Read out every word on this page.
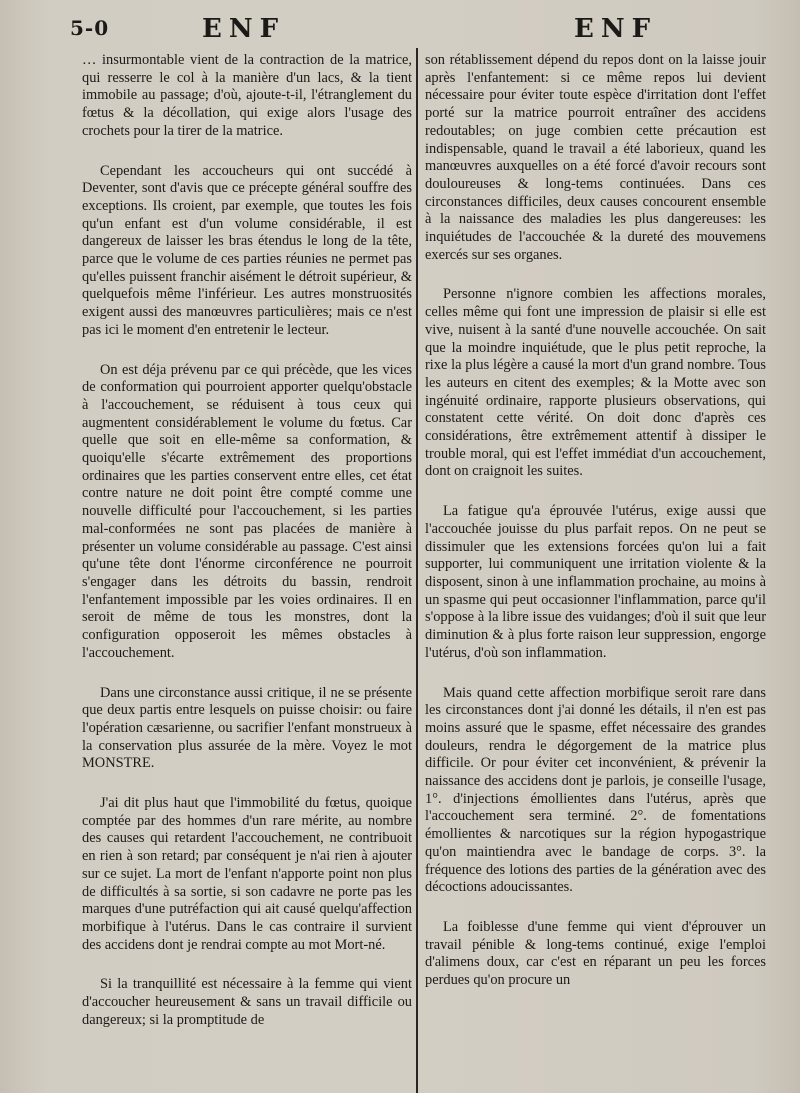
5-0	ENF	ENF

… insurmontable vient de la contraction de la matrice, qui resserre le col à la manière d'un lacs, & la tient immobile au passage; d'où, ajoute-t-il, l'étranglement du fœtus & la décollation, qui exige alors l'usage des crochets pour la tirer de la matrice.

Cependant les accoucheurs qui ont succédé à Deventer, sont d'avis que ce précepte général souffre des exceptions. Ils croient, par exemple, que toutes les fois qu'un enfant est d'un volume considérable, il est dangereux de laisser les bras étendus le long de la tête, parce que le volume de ces parties réunies ne permet pas qu'elles puissent franchir aisément le détroit supérieur, & quelquefois même l'inférieur. Les autres monstruosités exigent aussi des manœuvres particulières; mais ce n'est pas ici le moment d'en entretenir le lecteur.

On est déja prévenu par ce qui précède, que les vices de conformation qui pourroient apporter quelqu'obstacle à l'accouchement, se réduisent à tous ceux qui augmentent considérablement le volume du fœtus. Car quelle que soit en elle-même sa conformation, & quoiqu'elle s'écarte extrêmement des proportions ordinaires que les parties conservent entre elles, cet état contre nature ne doit point être compté comme une nouvelle difficulté pour l'accouchement, si les parties mal-conformées ne sont pas placées de manière à présenter un volume considérable au passage. C'est ainsi qu'une tête dont l'énorme circonférence ne pourroit s'engager dans les détroits du bassin, rendroit l'enfantement impossible par les voies ordinaires. Il en seroit de même de tous les monstres, dont la configuration opposeroit les mêmes obstacles à l'accouchement.

Dans une circonstance aussi critique, il ne se présente que deux partis entre lesquels on puisse choisir: ou faire l'opération cæsarienne, ou sacrifier l'enfant monstrueux à la conservation plus assurée de la mère. Voyez le mot MONSTRE.

J'ai dit plus haut que l'immobilité du fœtus, quoique comptée par des hommes d'un rare mérite, au nombre des causes qui retardent l'accouchement, ne contribuoit en rien à son retard; par conséquent je n'ai rien à ajouter sur ce sujet. La mort de l'enfant n'apporte point non plus de difficultés à sa sortie, si son cadavre ne porte pas les marques d'une putréfaction qui ait causé quelqu'affection morbifique à l'utérus. Dans le cas contraire il survient des accidens dont je rendrai compte au mot Mort-né.

Si la tranquillité est nécessaire à la femme qui vient d'accoucher heureusement & sans un travail difficile ou dangereux; si la promptitude de

son rétablissement dépend du repos dont on la laisse jouir après l'enfantement: si ce même repos lui devient nécessaire pour éviter toute espèce d'irritation dont l'effet porté sur la matrice pourroit entraîner des accidens redoutables; on juge combien cette précaution est indispensable, quand le travail a été laborieux, quand les manœuvres auxquelles on a été forcé d'avoir recours sont douloureuses & long-tems continuées. Dans ces circonstances difficiles, deux causes concourent ensemble à la naissance des maladies les plus dangereuses: les inquiétudes de l'accouchée & la dureté des mouvemens exercés sur ses organes.

Personne n'ignore combien les affections morales, celles même qui font une impression de plaisir si elle est vive, nuisent à la santé d'une nouvelle accouchée. On sait que la moindre inquiétude, que le plus petit reproche, la rixe la plus légère a causé la mort d'un grand nombre. Tous les auteurs en citent des exemples; & la Motte avec son ingénuité ordinaire, rapporte plusieurs observations, qui constatent cette vérité. On doit donc d'après ces considérations, être extrêmement attentif à dissiper le trouble moral, qui est l'effet immédiat d'un accouchement, dont on craignoit les suites.

La fatigue qu'a éprouvée l'utérus, exige aussi que l'accouchée jouisse du plus parfait repos. On ne peut se dissimuler que les extensions forcées qu'on lui a fait supporter, lui communiquent une irritation violente & la disposent, sinon à une inflammation prochaine, au moins à un spasme qui peut occasionner l'inflammation, parce qu'il s'oppose à la libre issue des vuidanges; d'où il suit que leur diminution & à plus forte raison leur suppression, engorge l'utérus, d'où son inflammation.

Mais quand cette affection morbifique seroit rare dans les circonstances dont j'ai donné les détails, il n'en est pas moins assuré que le spasme, effet nécessaire des grandes douleurs, rendra le dégorgement de la matrice plus difficile. Or pour éviter cet inconvénient, & prévenir la naissance des accidens dont je parlois, je conseille l'usage, 1°. d'injections émollientes dans l'utérus, après que l'accouchement sera terminé. 2°. de fomentations émollientes & narcotiques sur la région hypogastrique qu'on maintiendra avec le bandage de corps. 3°. la fréquence des lotions des parties de la génération avec des décoctions adoucissantes.

La foiblesse d'une femme qui vient d'éprouver un travail pénible & long-tems continué, exige l'emploi d'alimens doux, car c'est en réparant un peu les forces perdues qu'on procure un
